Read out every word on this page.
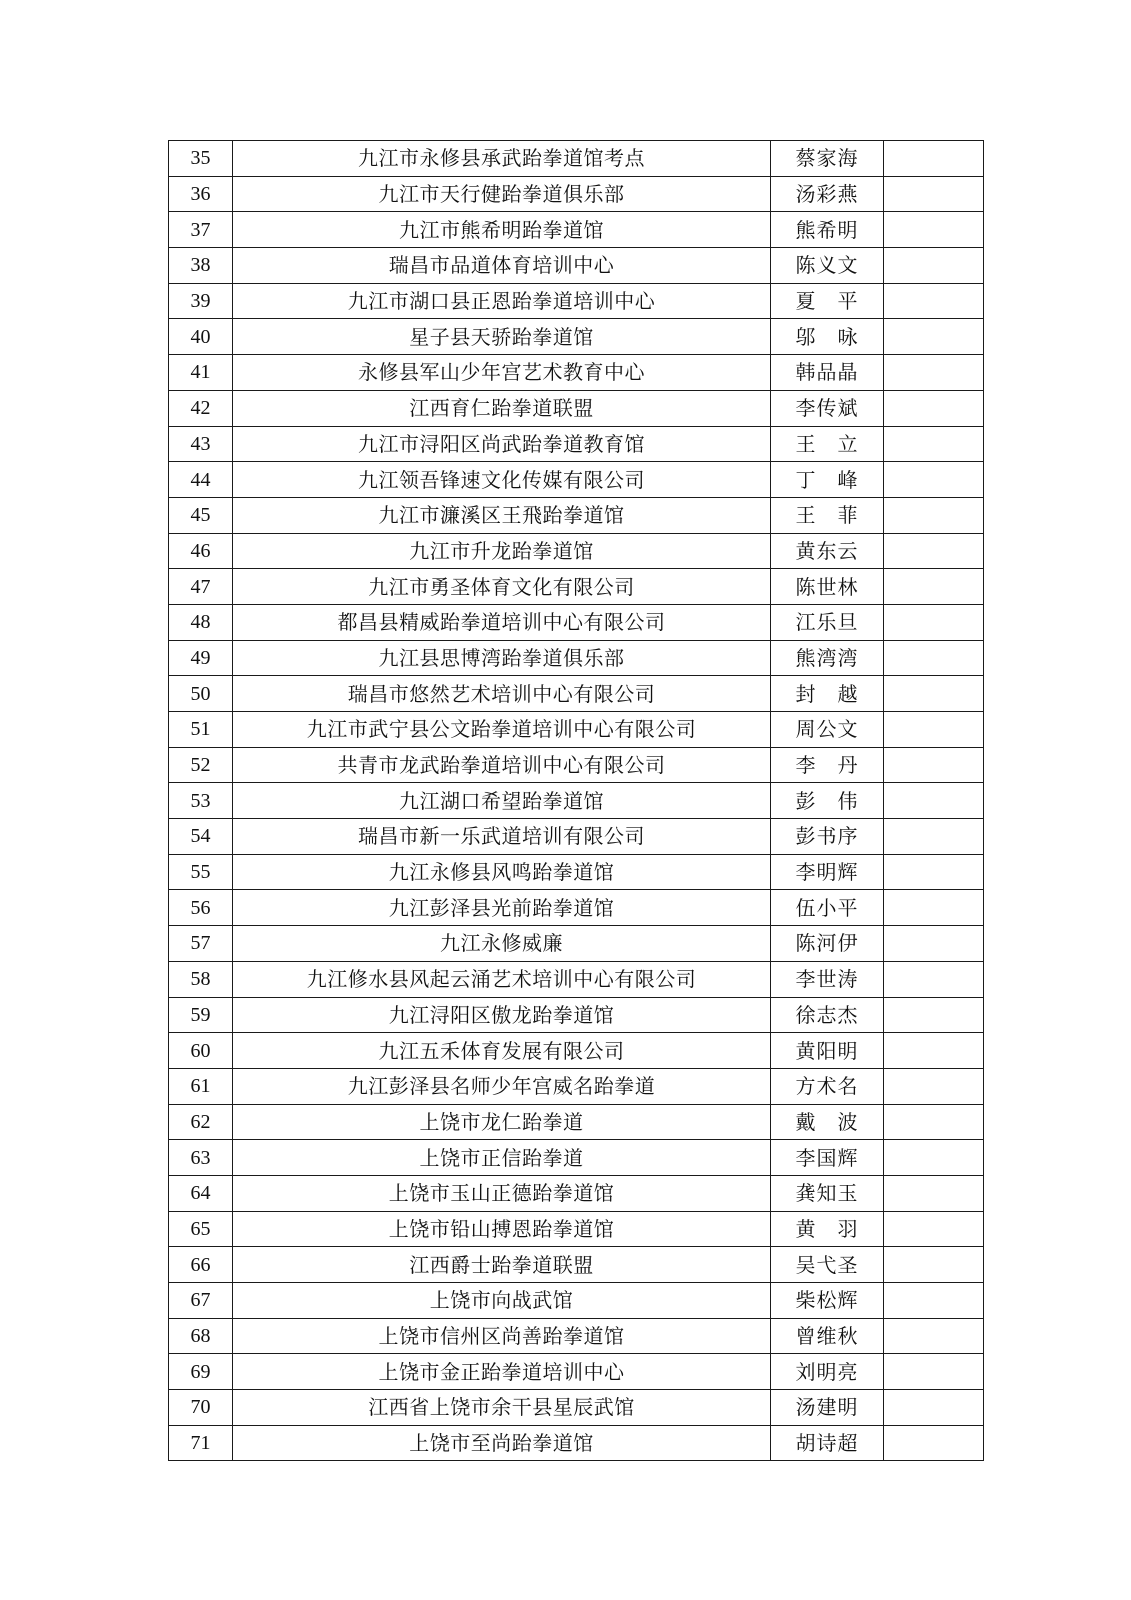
35	九江市永修县承武跆拳道馆考点	蔡家海	
36	九江市天行健跆拳道俱乐部	汤彩燕	
37	九江市熊希明跆拳道馆	熊希明	
38	瑞昌市品道体育培训中心	陈义文	
39	九江市湖口县正恩跆拳道培训中心	夏　平	
40	星子县天骄跆拳道馆	邬　咏	
41	永修县军山少年宫艺术教育中心	韩品晶	
42	江西育仁跆拳道联盟	李传斌	
43	九江市浔阳区尚武跆拳道教育馆	王　立	
44	九江领吾锋速文化传媒有限公司	丁　峰	
45	九江市濂溪区王飛跆拳道馆	王　菲	
46	九江市升龙跆拳道馆	黄东云	
47	九江市勇圣体育文化有限公司	陈世林	
48	都昌县精威跆拳道培训中心有限公司	江乐旦	
49	九江县思博湾跆拳道俱乐部	熊湾湾	
50	瑞昌市悠然艺术培训中心有限公司	封　越	
51	九江市武宁县公文跆拳道培训中心有限公司	周公文	
52	共青市龙武跆拳道培训中心有限公司	李　丹	
53	九江湖口希望跆拳道馆	彭　伟	
54	瑞昌市新一乐武道培训有限公司	彭书序	
55	九江永修县风鸣跆拳道馆	李明辉	
56	九江彭泽县光前跆拳道馆	伍小平	
57	九江永修威廉	陈河伊	
58	九江修水县风起云涌艺术培训中心有限公司	李世涛	
59	九江浔阳区傲龙跆拳道馆	徐志杰	
60	九江五禾体育发展有限公司	黄阳明	
61	九江彭泽县名师少年宫威名跆拳道	方术名	
62	上饶市龙仁跆拳道	戴　波	
63	上饶市正信跆拳道	李国辉	
64	上饶市玉山正德跆拳道馆	龚知玉	
65	上饶市铅山搏恩跆拳道馆	黄　羽	
66	江西爵士跆拳道联盟	吴弋圣	
67	上饶市向战武馆	柴松辉	
68	上饶市信州区尚善跆拳道馆	曾维秋	
69	上饶市金正跆拳道培训中心	刘明亮	
70	江西省上饶市余干县星辰武馆	汤建明	
71	上饶市至尚跆拳道馆	胡诗超	
